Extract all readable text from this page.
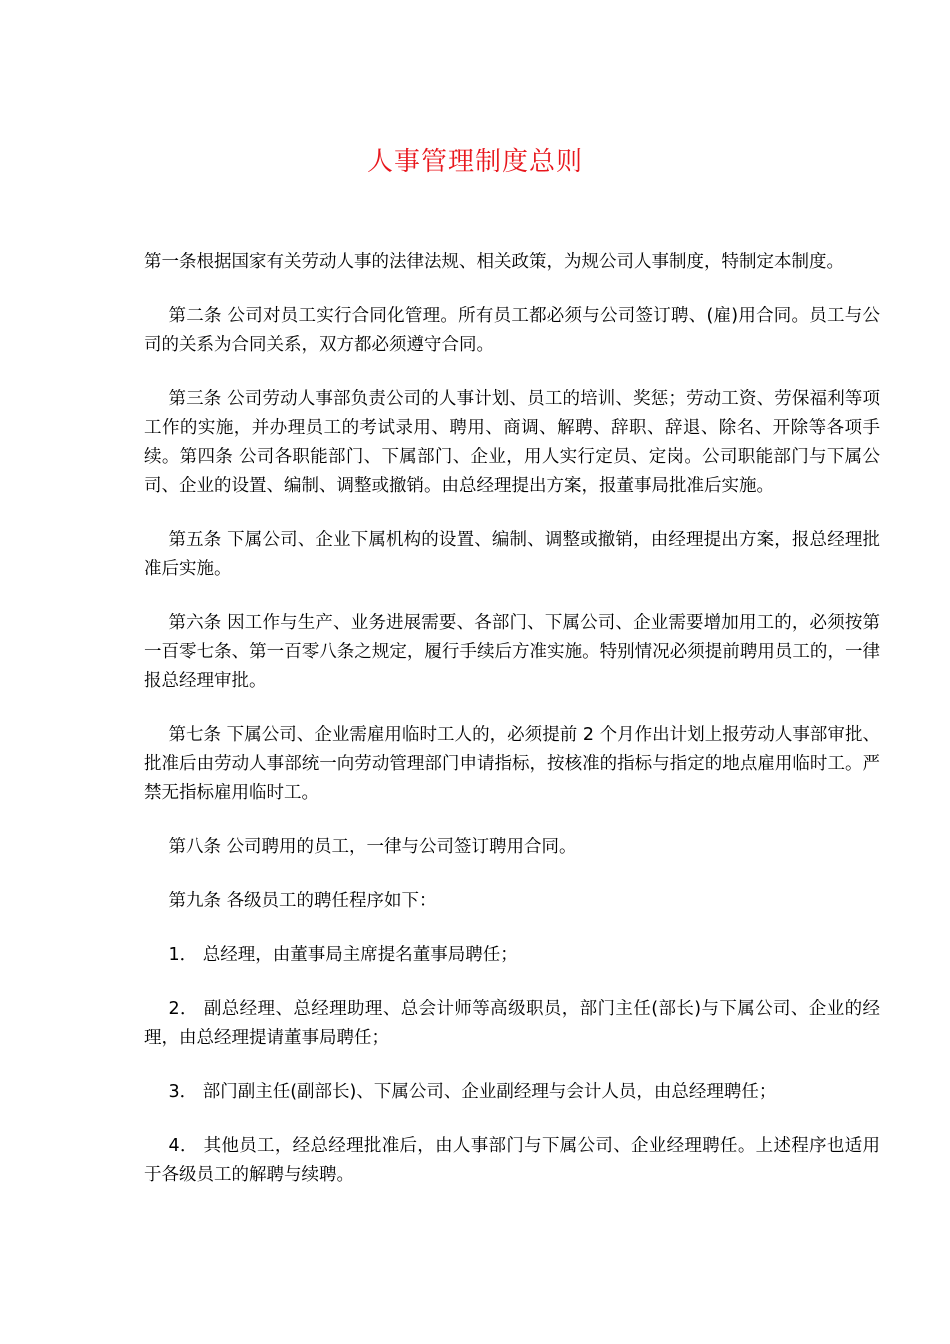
人事管理制度总则

第一条根据国家有关劳动人事的法律法规、相关政策，为规公司人事制度，特制定本制度。

第二条 公司对员工实行合同化管理。所有员工都必须与公司签订聘、(雇)用合同。员工与公司的关系为合同关系，双方都必须遵守合同。

第三条 公司劳动人事部负责公司的人事计划、员工的培训、奖惩；劳动工资、劳保福利等项工作的实施，并办理员工的考试录用、聘用、商调、解聘、辞职、辞退、除名、开除等各项手续。第四条 公司各职能部门、下属部门、企业，用人实行定员、定岗。公司职能部门与下属公司、企业的设置、编制、调整或撤销。由总经理提出方案，报董事局批准后实施。

第五条 下属公司、企业下属机构的设置、编制、调整或撤销，由经理提出方案，报总经理批准后实施。

第六条 因工作与生产、业务进展需要、各部门、下属公司、企业需要增加用工的，必须按第一百零七条、第一百零八条之规定，履行手续后方准实施。特别情况必须提前聘用员工的，一律报总经理审批。

第七条 下属公司、企业需雇用临时工人的，必须提前 2 个月作出计划上报劳动人事部审批、批准后由劳动人事部统一向劳动管理部门申请指标，按核准的指标与指定的地点雇用临时工。严禁无指标雇用临时工。

第八条 公司聘用的员工，一律与公司签订聘用合同。

第九条 各级员工的聘任程序如下：

1． 总经理，由董事局主席提名董事局聘任；

2． 副总经理、总经理助理、总会计师等高级职员，部门主任(部长)与下属公司、企业的经理，由总经理提请董事局聘任；

3． 部门副主任(副部长)、下属公司、企业副经理与会计人员，由总经理聘任；

4． 其他员工，经总经理批准后，由人事部门与下属公司、企业经理聘任。上述程序也适用于各级员工的解聘与续聘。
